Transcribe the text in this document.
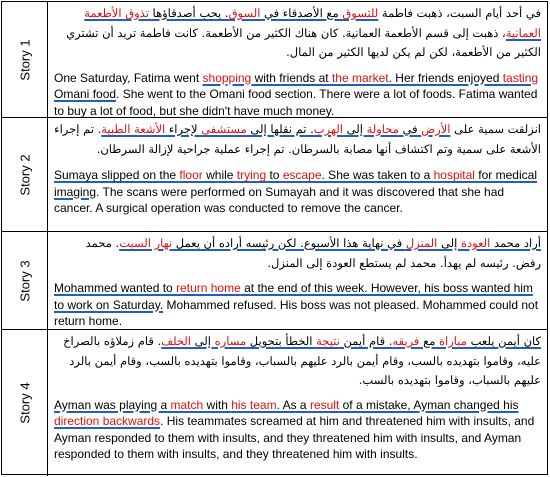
Story 1

في أحد أيام السبت، ذهبت فاطمة للتسوق مع الأصدقاء في السوق. يحب أصدقاؤها تذوق الأطعمة العمانية، ذهبت إلى قسم الأطعمة العمانية. كان هناك الكثير من الأطعمة. كانت فاطمة تريد أن تشتري الكثير من الأطعمة، لكن لم يكن لديها الكثير من المال.

One Saturday, Fatima went shopping with friends at the market. Her friends enjoyed tasting Omani food. She went to the Omani food section. There were a lot of foods. Fatima wanted to buy a lot of food, but she didn't have much money.

Story 2

انزلقت سمية على الأرض في محاولة إلى الهرب. تم نقلها إلى مستشفى لإجراء الأشعة الطبية. تم إجراء الأشعة على سمية وتم اكتشاف أنها مصابة بالسرطان. تم إجراء عملية جراحية لإزالة السرطان.

Sumaya slipped on the floor while trying to escape. She was taken to a hospital for medical imaging. The scans were performed on Sumayah and it was discovered that she had cancer. A surgical operation was conducted to remove the cancer.

Story 3

أراد محمد العودة إلى المنزل في نهاية هذا الأسبوع. لكن رئيسه أراده أن يعمل نهار السبت. محمد رفض. رئيسه لم يهدأ. محمد لم يستطع العودة إلى المنزل.

Mohammed wanted to return home at the end of this week. However, his boss wanted him to work on Saturday. Mohammed refused. His boss was not pleased. Mohammed could not return home.

Story 4

كان أيمن يلعب مباراة مع فريقه. قام أيمن نتيجة الخطأ بتحويل مساره إلى الخلف. قام زملاؤه بالصراخ عليه، وقاموا بتهديده بالسب، وقام أيمن بالرد عليهم بالسباب، وقاموا بتهديده بالسب، وقام أيمن بالرد عليهم بالسباب، وقاموا بتهديده بالسب.

Ayman was playing a match with his team. As a result of a mistake, Ayman changed his direction backwards. His teammates screamed at him and threatened him with insults, and Ayman responded to them with insults, and they threatened him with insults, and Ayman responded to them with insults, and they threatened him with insults.
